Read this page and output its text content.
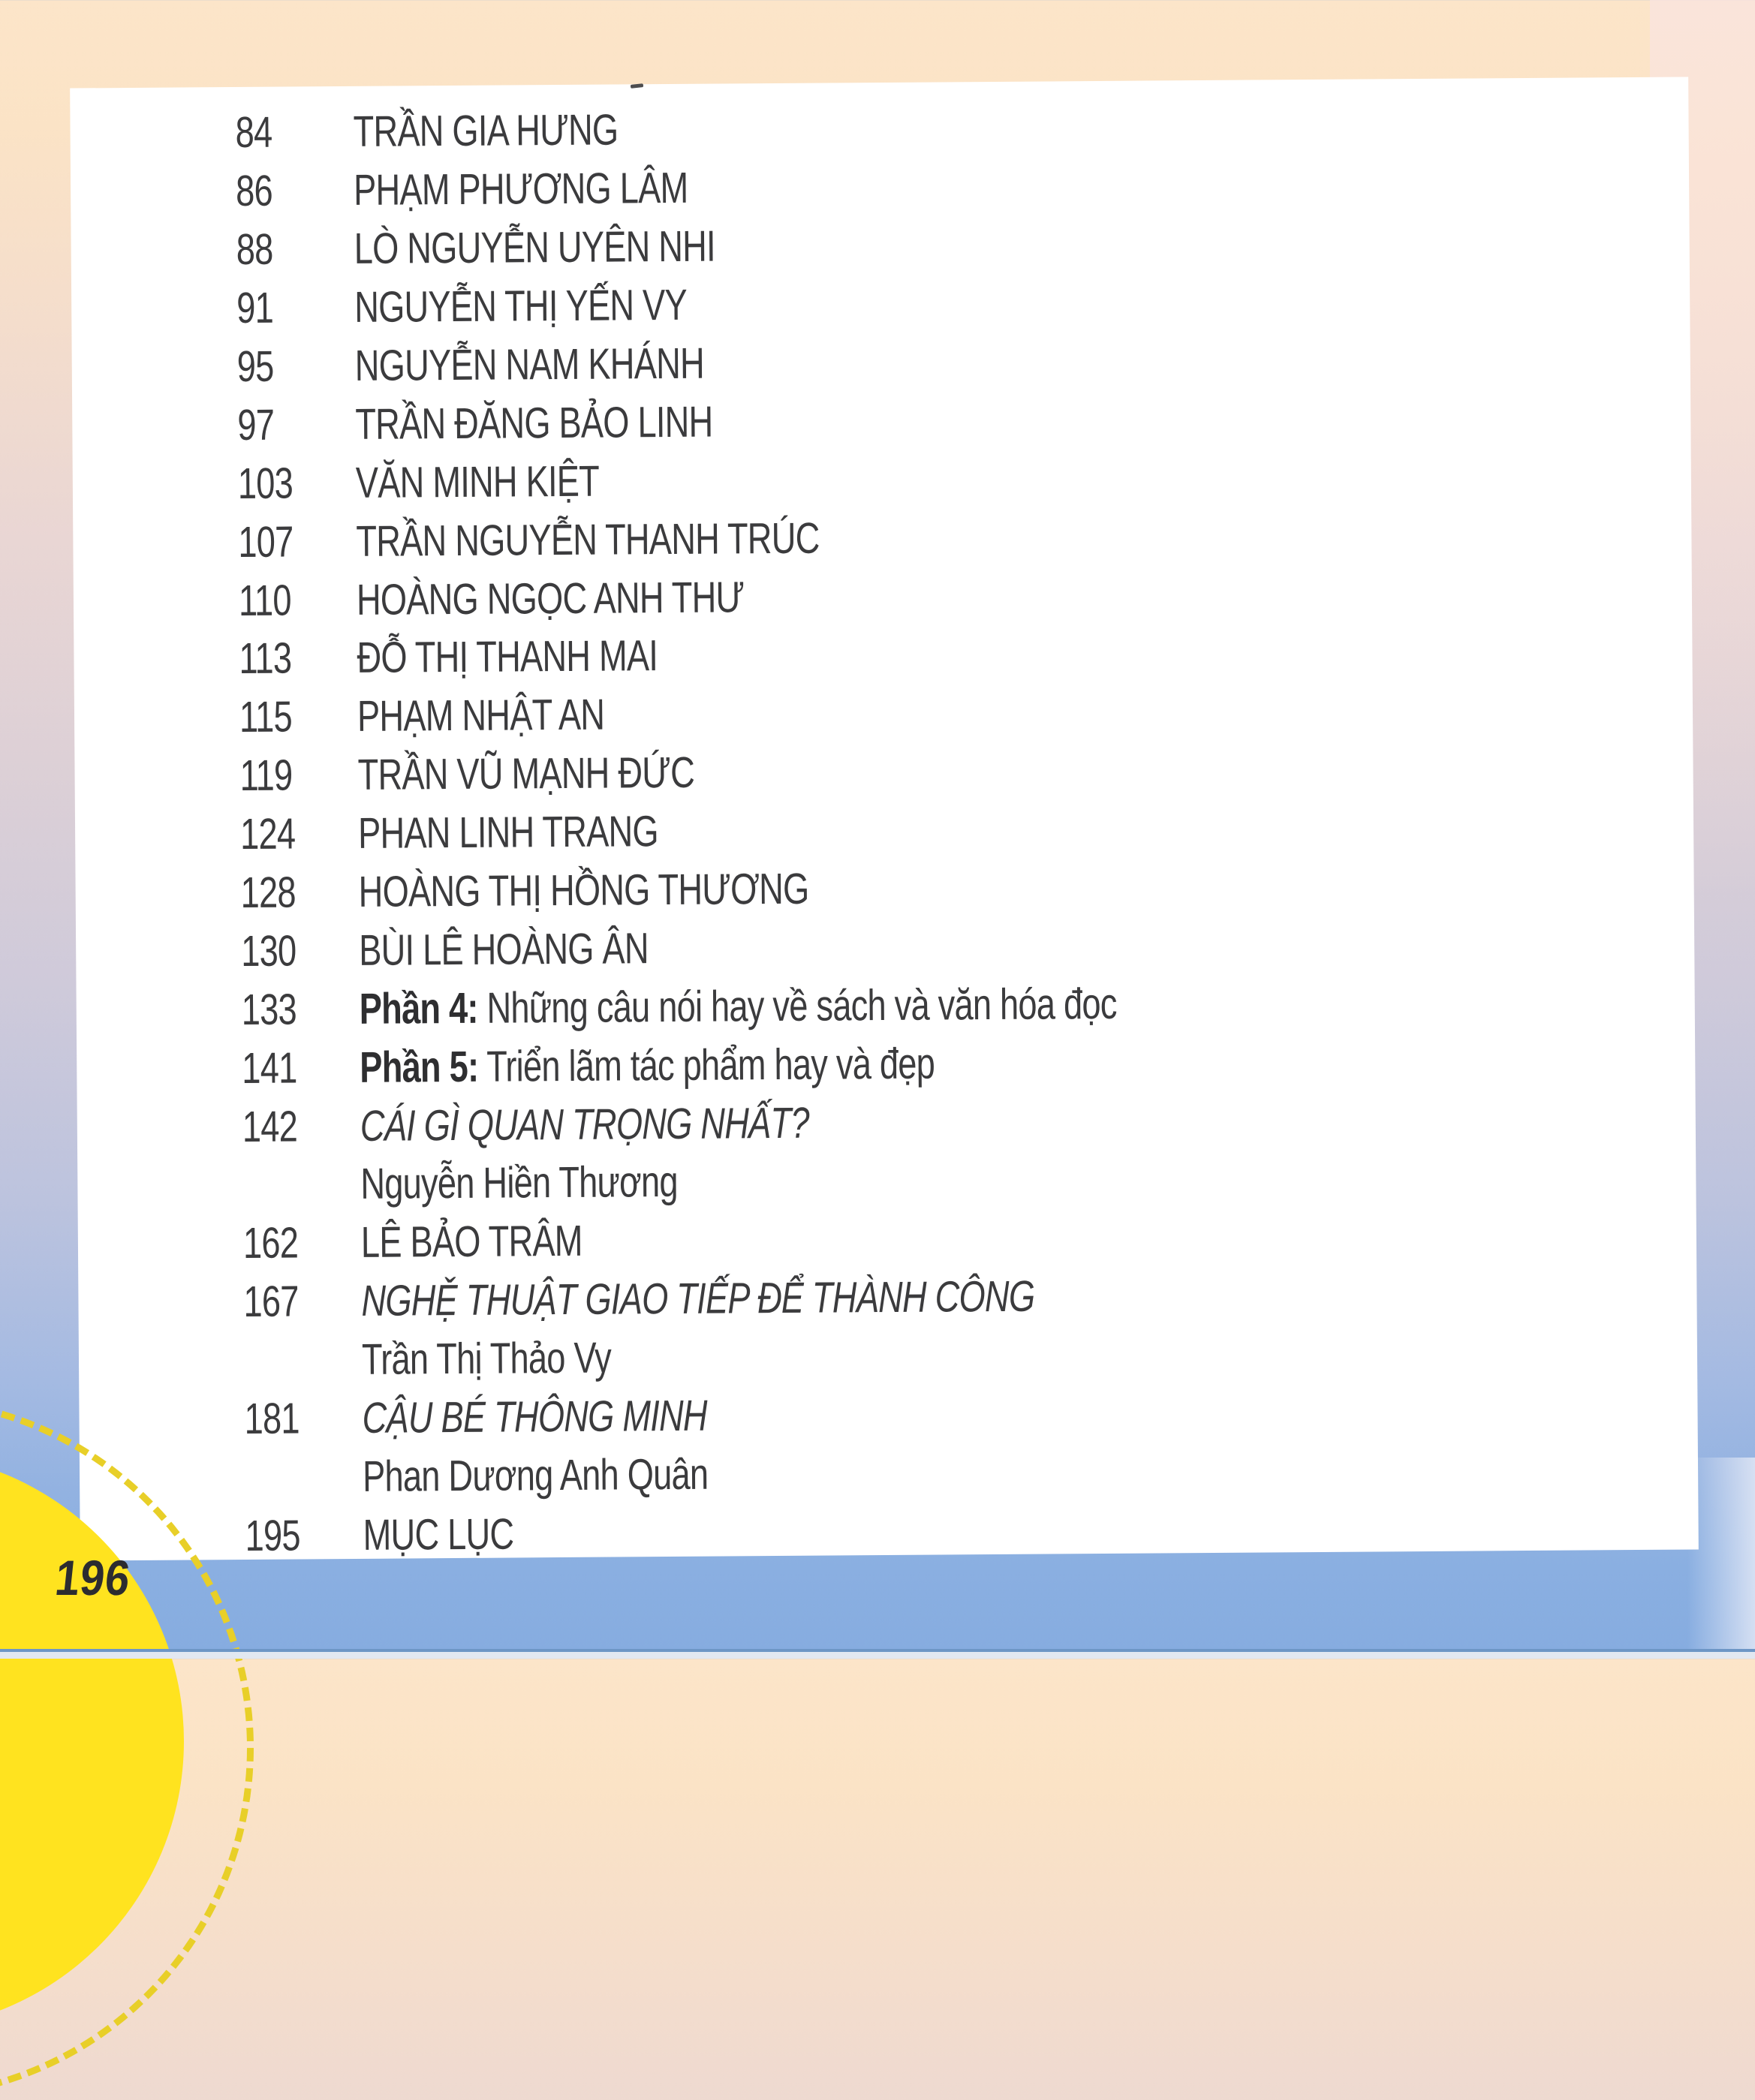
84	TRẦN GIA HƯNG
86	PHẠM PHƯƠNG LÂM
88	LÒ NGUYỄN UYÊN NHI
91	NGUYỄN THỊ YẾN VY
95	NGUYỄN NAM KHÁNH
97	TRẦN ĐĂNG BẢO LINH
103	VĂN MINH KIỆT
107	TRẦN NGUYỄN THANH TRÚC
110	HOÀNG NGỌC ANH THƯ
113	ĐỖ THỊ THANH MAI
115	PHẠM NHẬT AN
119	TRẦN VŨ MẠNH ĐỨC
124	PHAN LINH TRANG
128	HOÀNG THỊ HỒNG THƯƠNG
130	BÙI LÊ HOÀNG ÂN
133	Phần 4: Những câu nói hay về sách và văn hóa đọc
141	Phần 5: Triển lãm tác phẩm hay và đẹp
142	CÁI GÌ QUAN TRỌNG NHẤT?
Nguyễn Hiền Thương
162	LÊ BẢO TRÂM
167	NGHỆ THUẬT GIAO TIẾP ĐỂ THÀNH CÔNG
Trần Thị Thảo Vy
181	CẬU BÉ THÔNG MINH
Phan Dương Anh Quân
195	MỤC LỤC
196
